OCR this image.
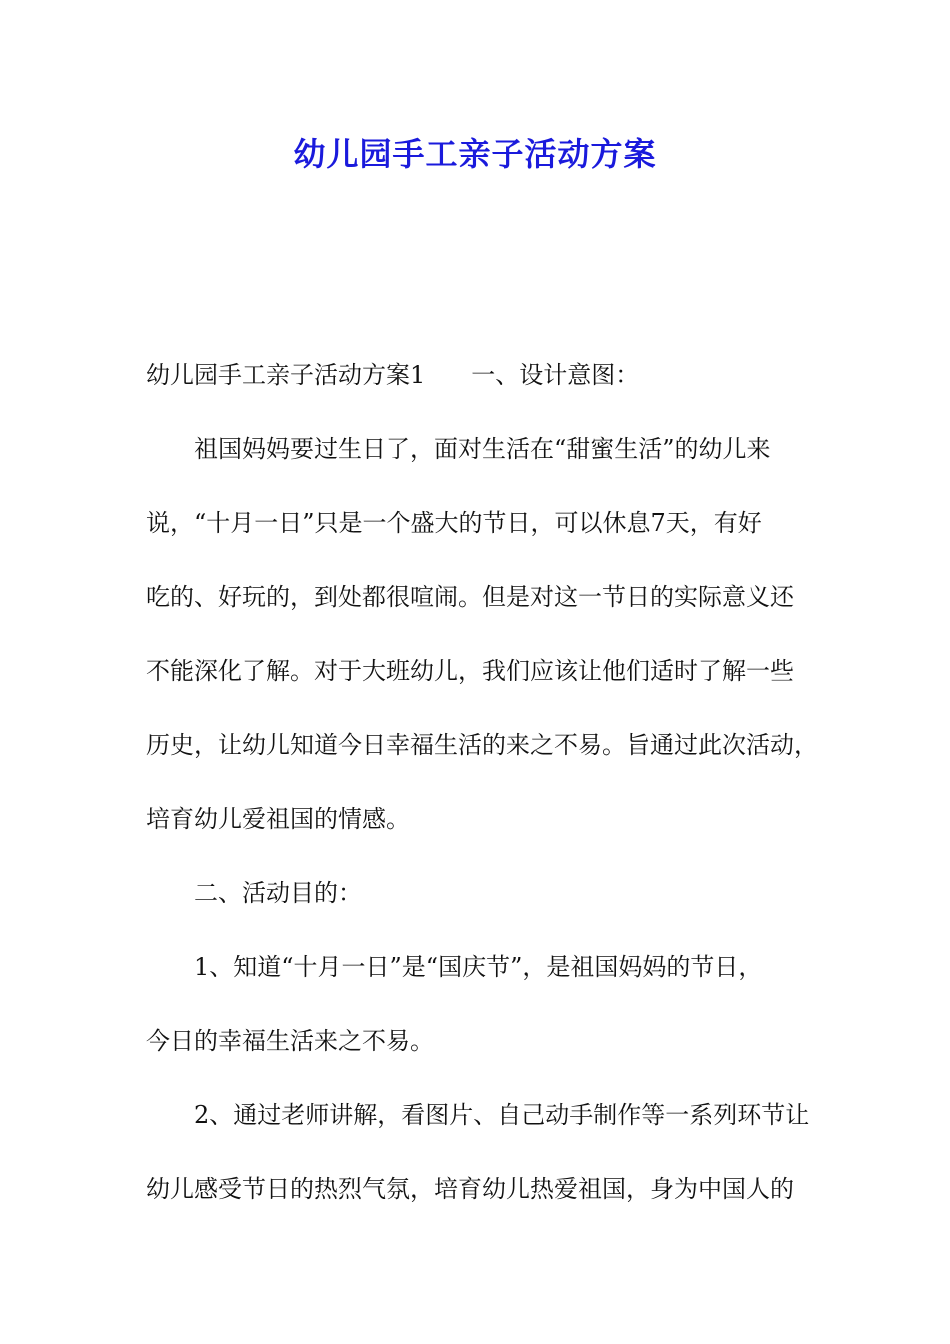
幼儿园手工亲子活动方案
幼儿园手工亲子活动方案1 一、设计意图：
　　祖国妈妈要过生日了，面对生活在“甜蜜生活”的幼儿来
说，“十月一日”只是一个盛大的节日，可以休息7天，有好
吃的、好玩的，到处都很喧闹。但是对这一节日的实际意义还
不能深化了解。对于大班幼儿，我们应该让他们适时了解一些
历史，让幼儿知道今日幸福生活的来之不易。旨通过此次活动，
培育幼儿爱祖国的情感。
　　二、活动目的：
　　1、知道“十月一日”是“国庆节”，是祖国妈妈的节日，
今日的幸福生活来之不易。
　　2、通过老师讲解，看图片、自己动手制作等一系列环节让
幼儿感受节日的热烈气氛，培育幼儿热爱祖国，身为中国人的
